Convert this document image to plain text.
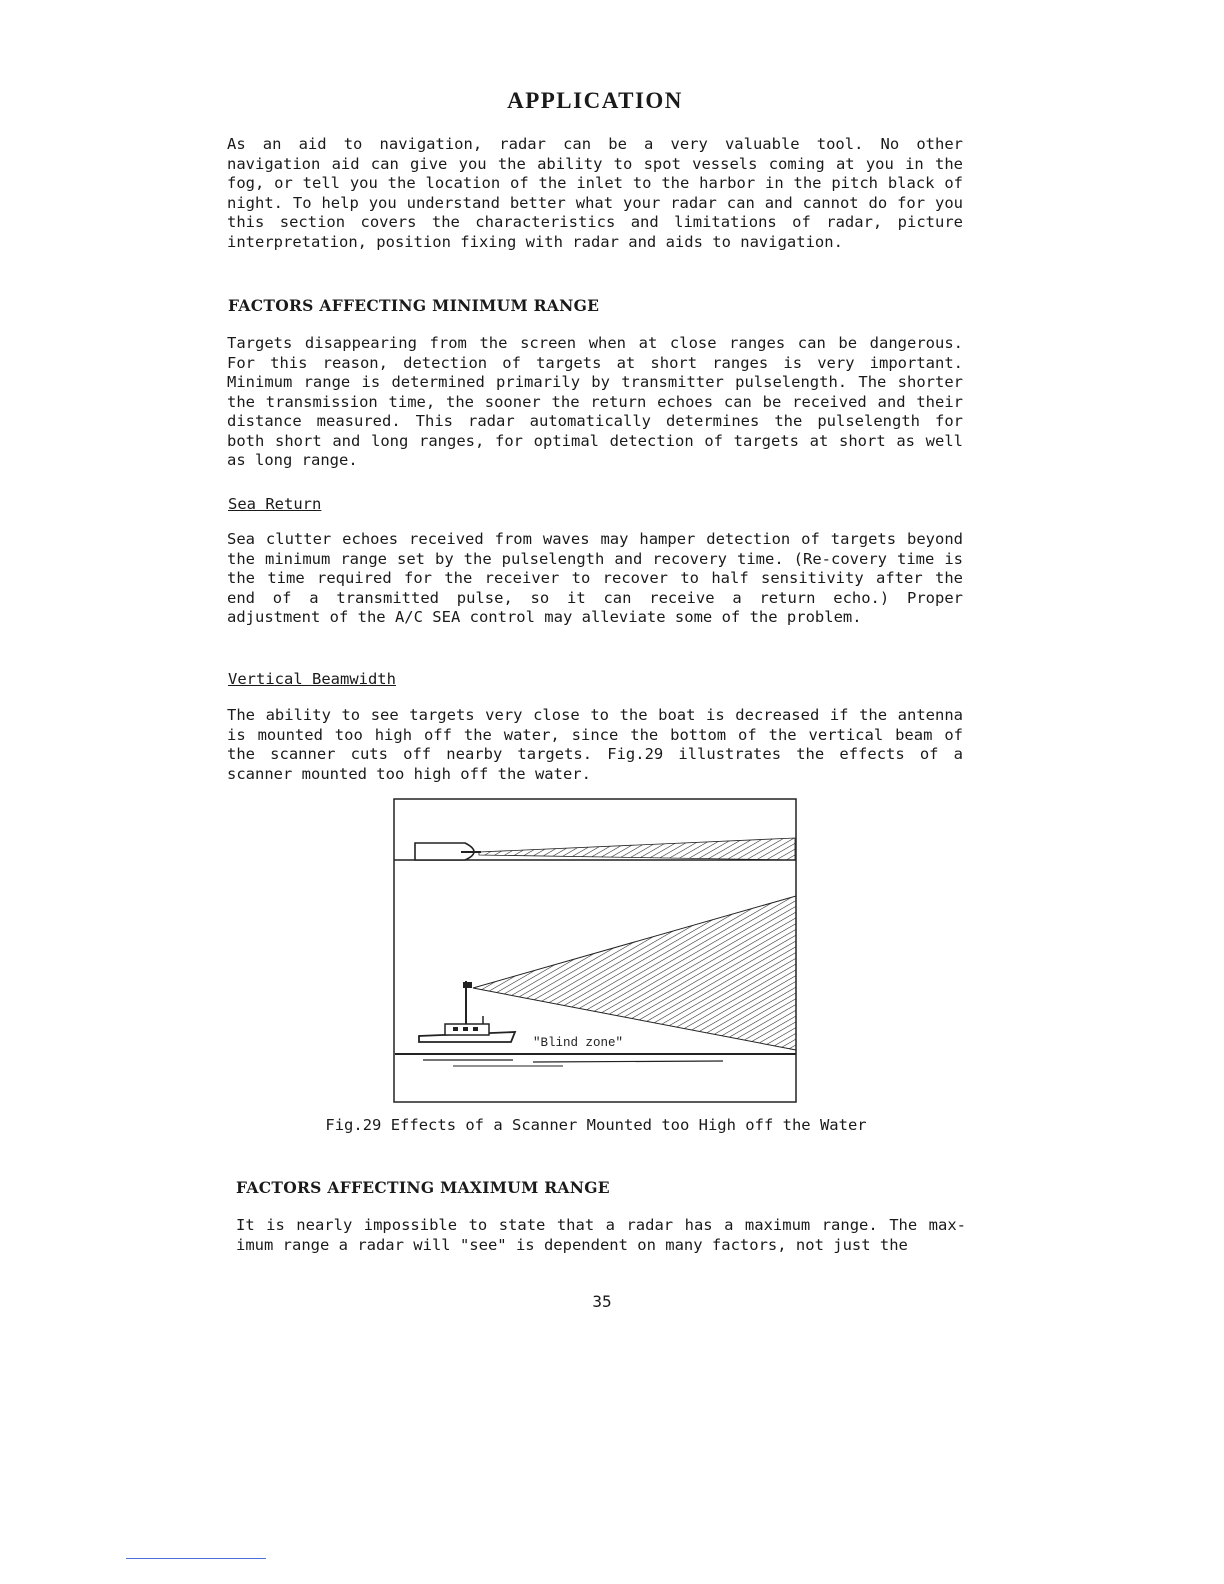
APPLICATION
As an aid to navigation, radar can be a very valuable tool. No other navigation aid can give you the ability to spot vessels coming at you in the fog, or tell you the location of the inlet to the harbor in the pitch black of night. To help you understand better what your radar can and cannot do for you this section covers the characteristics and limitations of radar, picture interpretation, position fixing with radar and aids to navigation.
FACTORS AFFECTING MINIMUM RANGE
Targets disappearing from the screen when at close ranges can be dangerous. For this reason, detection of targets at short ranges is very important. Minimum range is determined primarily by transmitter pulselength. The shorter the transmission time, the sooner the return echoes can be received and their distance measured. This radar automatically determines the pulselength for both short and long ranges, for optimal detection of targets at short as well as long range.
Sea Return
Sea clutter echoes received from waves may hamper detection of targets beyond the minimum range set by the pulselength and recovery time. (Re-covery time is the time required for the receiver to recover to half sensitivity after the end of a transmitted pulse, so it can receive a return echo.) Proper adjustment of the A/C SEA control may alleviate some of the problem.
Vertical Beamwidth
The ability to see targets very close to the boat is decreased if the antenna is mounted too high off the water, since the bottom of the vertical beam of the scanner cuts off nearby targets. Fig.29 illustrates the effects of a scanner mounted too high off the water.
"Blind zone"
Fig.29 Effects of a Scanner Mounted too High off the Water
FACTORS AFFECTING MAXIMUM RANGE
It is nearly impossible to state that a radar has a maximum range. The max-imum range a radar will "see" is dependent on many factors, not just the
35
